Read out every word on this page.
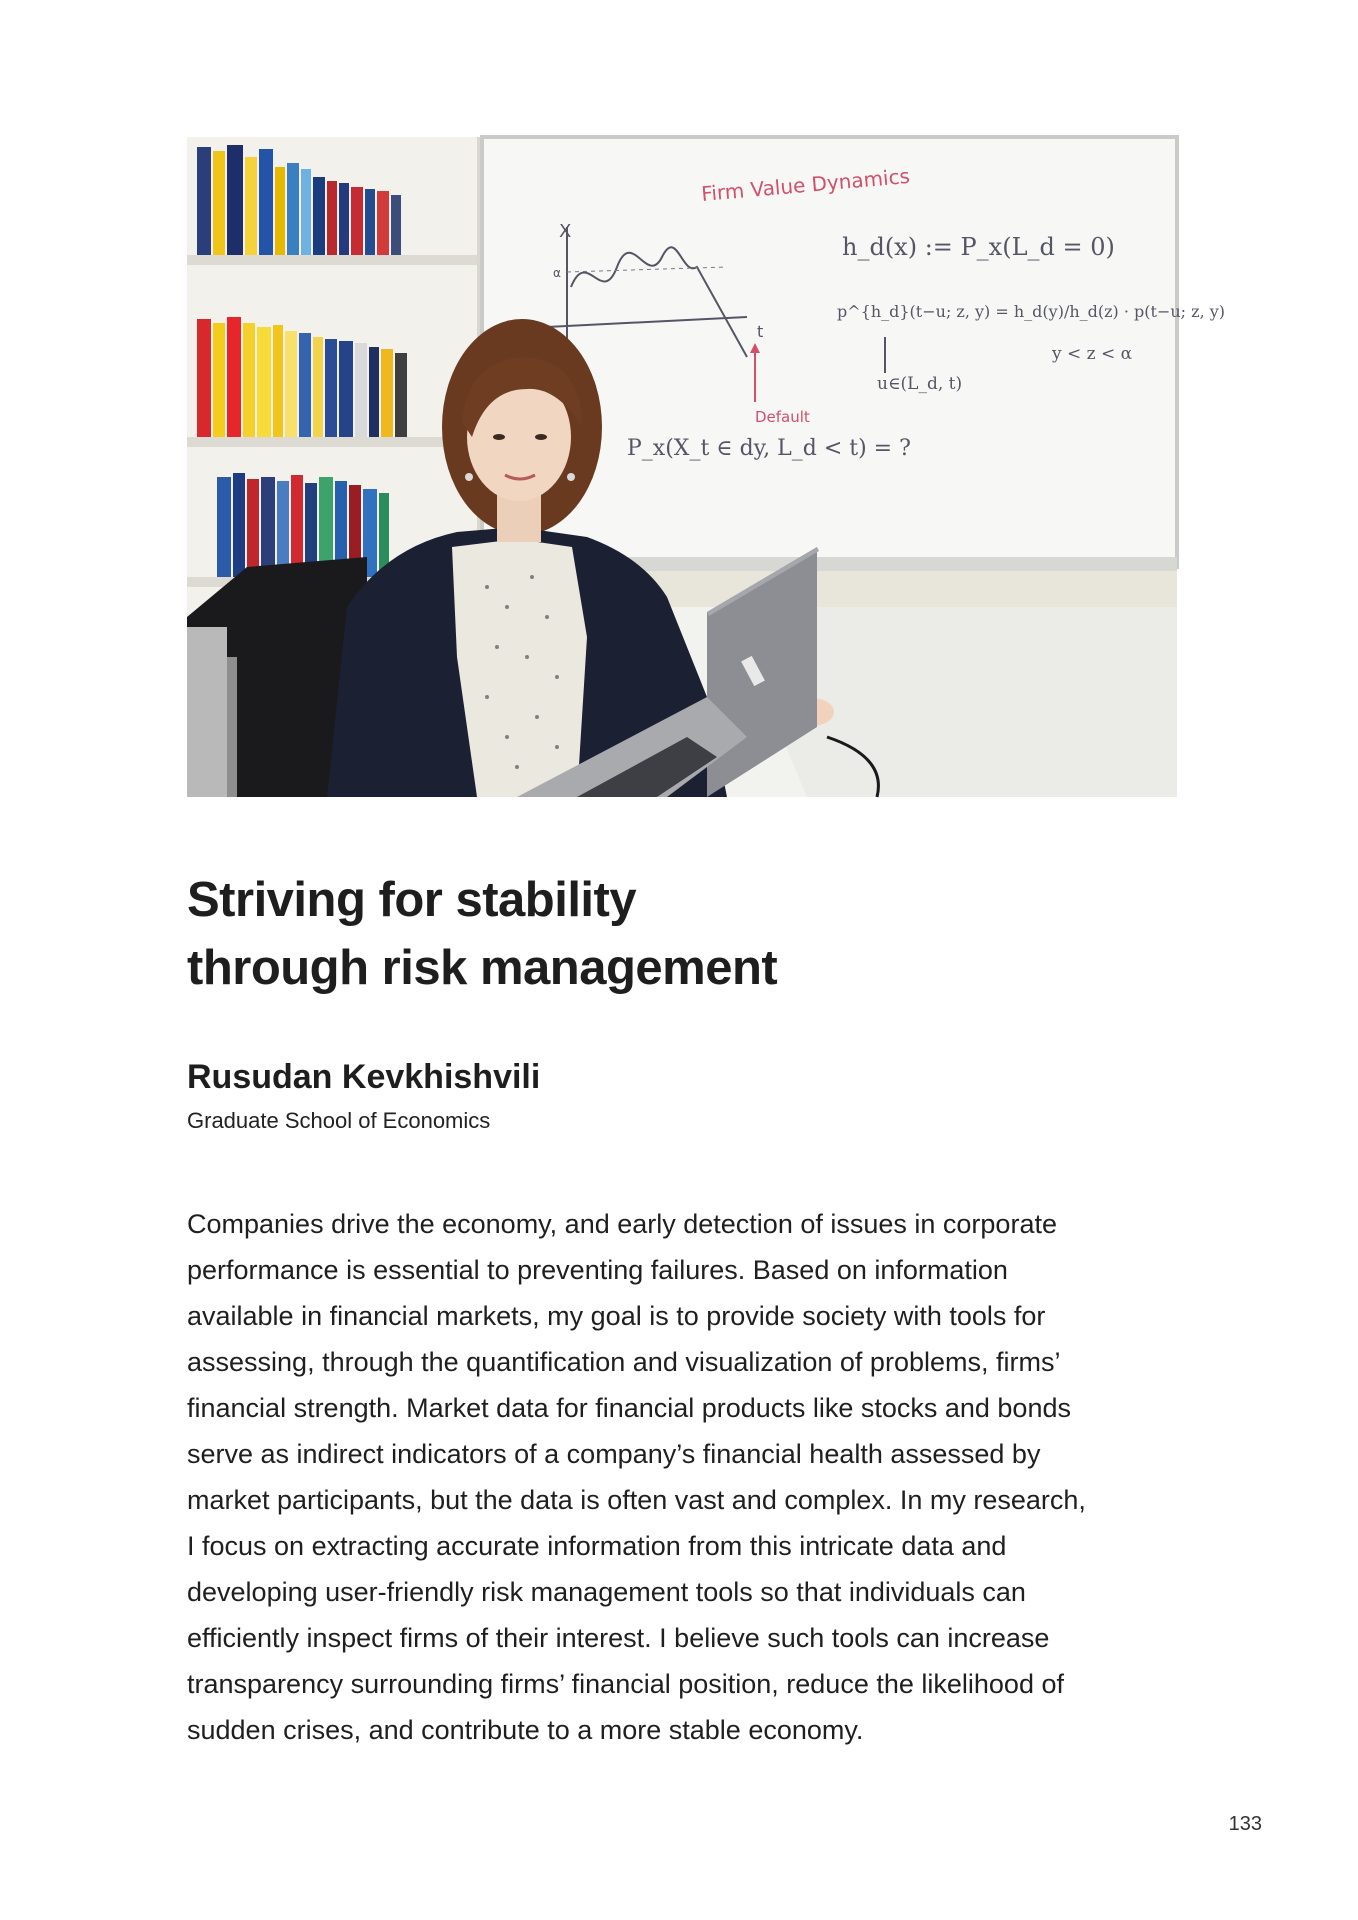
X
t
α
Firm Value Dynamics
h_d(x) := P_x(L_d = 0)
p^{h_d}(t−u; z, y) = h_d(y)/h_d(z) · p(t−u; z, y)
y < z < α
u∈(L_d, t)
Default
P_x(X_t ∈ dy, L_d < t) = ?
Striving for stability
through risk management
Rusudan Kevkhishvili
Graduate School of Economics
Companies drive the economy, and early detection of issues in corporate
performance is essential to preventing failures. Based on information
available in financial markets, my goal is to provide society with tools for
assessing, through the quantification and visualization of problems, firms’
financial strength. Market data for financial products like stocks and bonds
serve as indirect indicators of a company’s financial health assessed by
market participants, but the data is often vast and complex. In my research,
I focus on extracting accurate information from this intricate data and
developing user-friendly risk management tools so that individuals can
efficiently inspect firms of their interest. I believe such tools can increase
transparency surrounding firms’ financial position, reduce the likelihood of
sudden crises, and contribute to a more stable economy.
133
